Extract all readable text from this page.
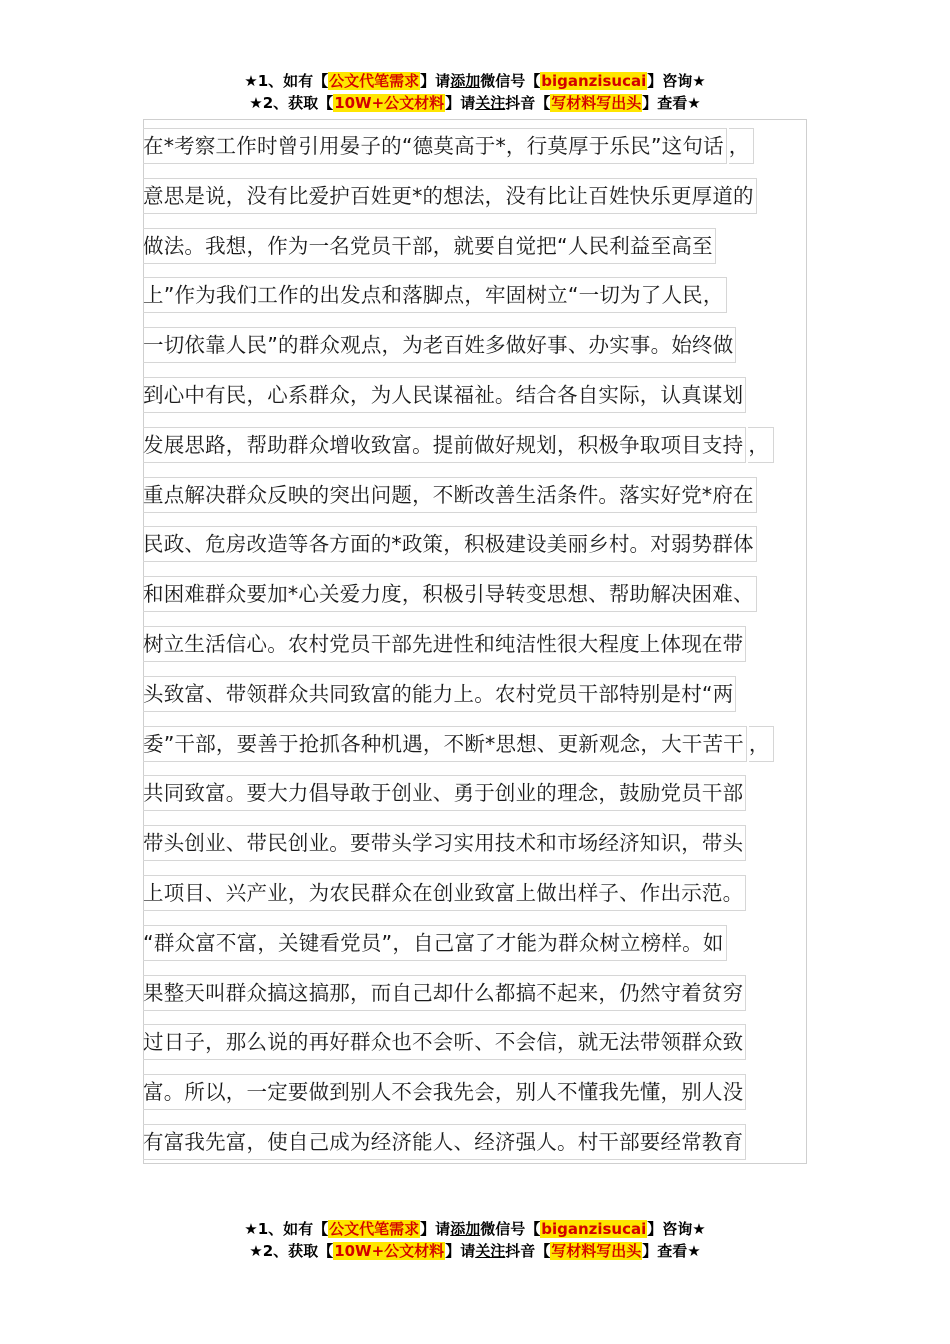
★1、如有【公文代笔需求】请添加微信号【biganzisucai】咨询★
★2、获取【10W+公文材料】请关注抖音【写材料写出头】查看★
在*考察工作时曾引用晏子的“德莫高于*，行莫厚于乐民”这句话 ，
意思是说，没有比爱护百姓更*的想法，没有比让百姓快乐更厚道的
做法。我想，作为一名党员干部，就要自觉把“人民利益至高至
上”作为我们工作的出发点和落脚点，牢固树立“一切为了人民，
一切依靠人民”的群众观点，为老百姓多做好事、办实事。始终做
到心中有民，心系群众，为人民谋福祉。结合各自实际，认真谋划
发展思路，帮助群众增收致富。提前做好规划，积极争取项目支持 ，
重点解决群众反映的突出问题，不断改善生活条件。落实好党*府在
民政、危房改造等各方面的*政策，积极建设美丽乡村。对弱势群体
和困难群众要加*心关爱力度，积极引导转变思想、帮助解决困难、
树立生活信心。农村党员干部先进性和纯洁性很大程度上体现在带
头致富、带领群众共同致富的能力上。农村党员干部特别是村“两
委”干部，要善于抢抓各种机遇，不断*思想、更新观念，大干苦干 ，
共同致富。要大力倡导敢于创业、勇于创业的理念，鼓励党员干部
带头创业、带民创业。要带头学习实用技术和市场经济知识，带头
上项目、兴产业，为农民群众在创业致富上做出样子、作出示范。
“群众富不富，关键看党员”，自己富了才能为群众树立榜样。如
果整天叫群众搞这搞那，而自己却什么都搞不起来，仍然守着贫穷
过日子，那么说的再好群众也不会听、不会信，就无法带领群众致
富。所以，一定要做到别人不会我先会，别人不懂我先懂，别人没
有富我先富，使自己成为经济能人、经济强人。村干部要经常教育
★1、如有【公文代笔需求】请添加微信号【biganzisucai】咨询★
★2、获取【10W+公文材料】请关注抖音【写材料写出头】查看★
